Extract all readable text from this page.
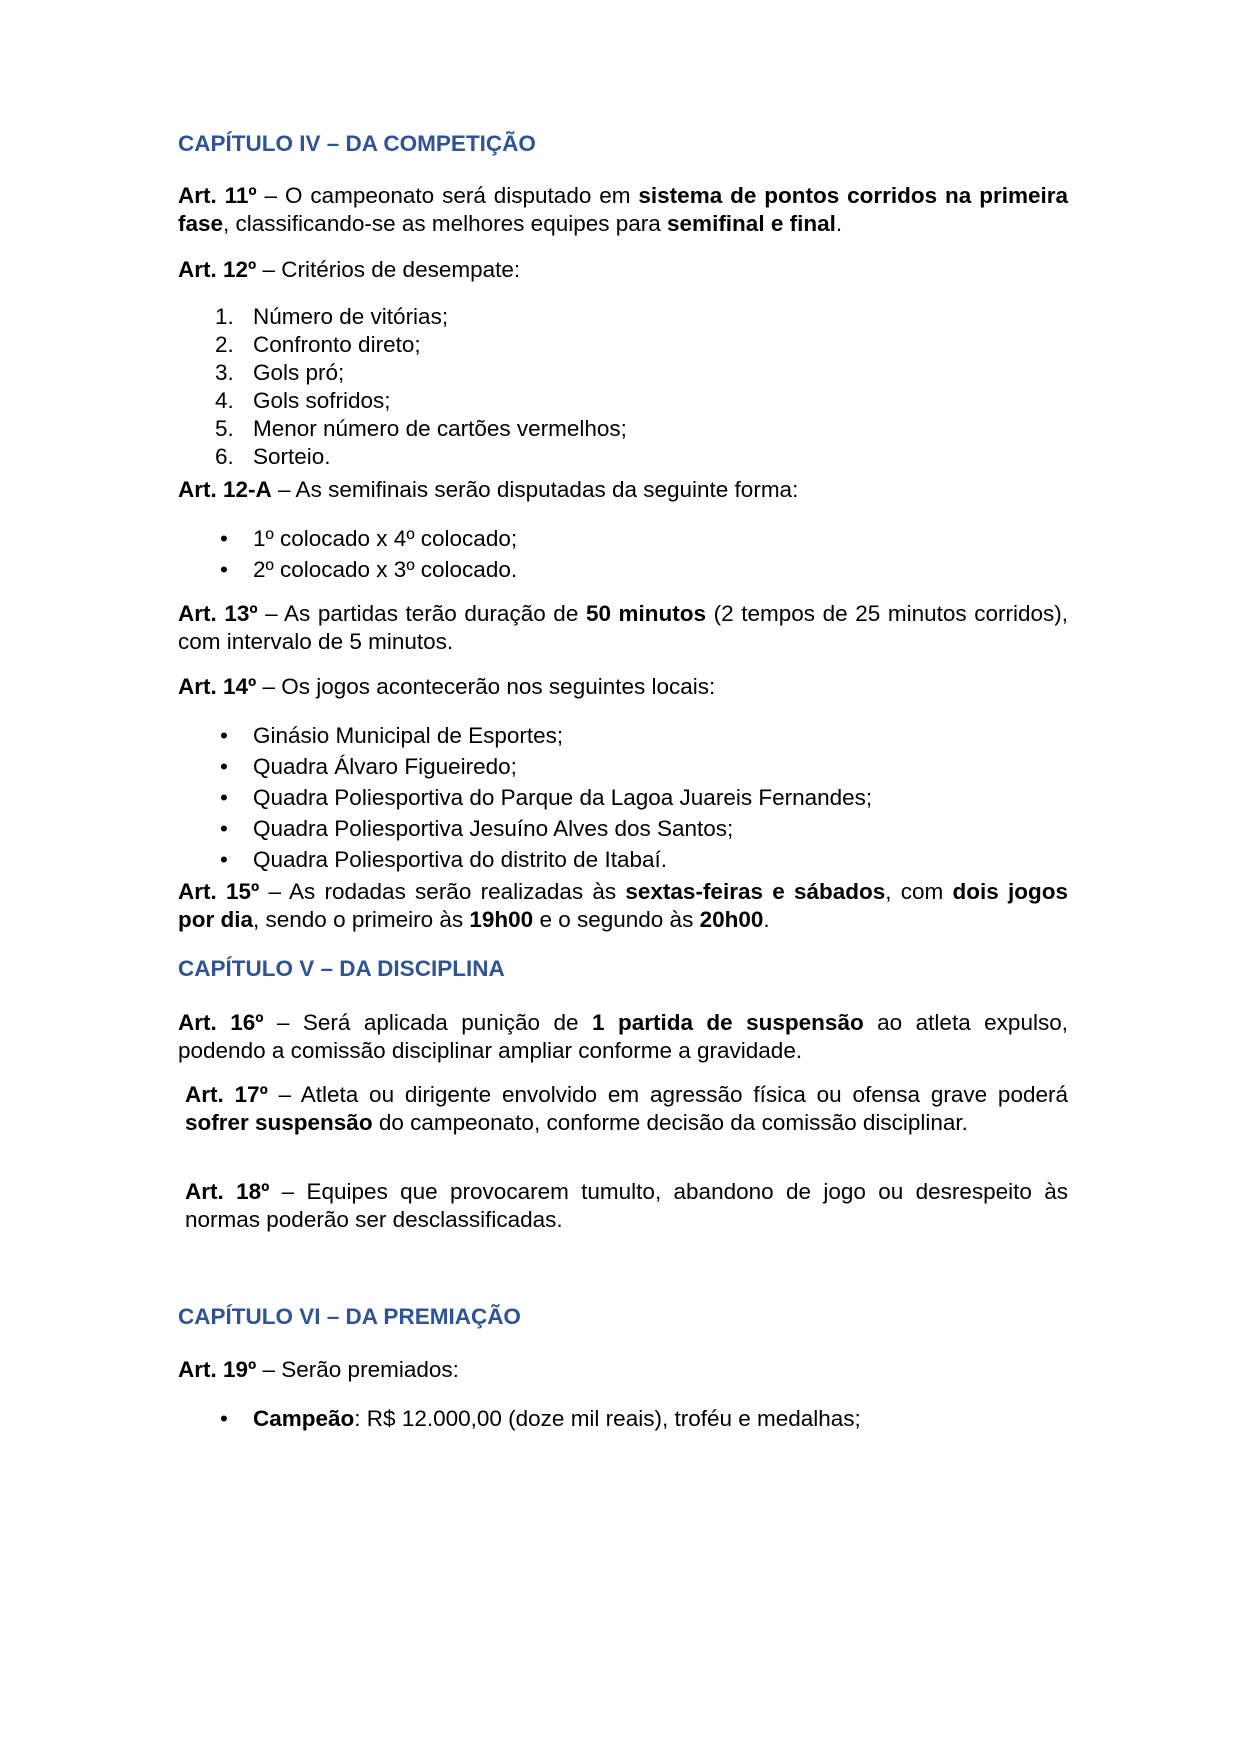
CAPÍTULO IV – DA COMPETIÇÃO
Art. 11º – O campeonato será disputado em sistema de pontos corridos na primeira fase, classificando-se as melhores equipes para semifinal e final.
Art. 12º – Critérios de desempate:
1. Número de vitórias;
2. Confronto direto;
3. Gols pró;
4. Gols sofridos;
5. Menor número de cartões vermelhos;
6. Sorteio.
Art. 12-A – As semifinais serão disputadas da seguinte forma:
• 1º colocado x 4º colocado;
• 2º colocado x 3º colocado.
Art. 13º – As partidas terão duração de 50 minutos (2 tempos de 25 minutos corridos), com intervalo de 5 minutos.
Art. 14º – Os jogos acontecerão nos seguintes locais:
• Ginásio Municipal de Esportes;
• Quadra Álvaro Figueiredo;
• Quadra Poliesportiva do Parque da Lagoa Juareis Fernandes;
• Quadra Poliesportiva Jesuíno Alves dos Santos;
• Quadra Poliesportiva do distrito de Itabaí.
Art. 15º – As rodadas serão realizadas às sextas-feiras e sábados, com dois jogos por dia, sendo o primeiro às 19h00 e o segundo às 20h00.
CAPÍTULO V – DA DISCIPLINA
Art. 16º – Será aplicada punição de 1 partida de suspensão ao atleta expulso, podendo a comissão disciplinar ampliar conforme a gravidade.
Art. 17º – Atleta ou dirigente envolvido em agressão física ou ofensa grave poderá sofrer suspensão do campeonato, conforme decisão da comissão disciplinar.
Art. 18º – Equipes que provocarem tumulto, abandono de jogo ou desrespeito às normas poderão ser desclassificadas.
CAPÍTULO VI – DA PREMIAÇÃO
Art. 19º – Serão premiados:
• Campeão: R$ 12.000,00 (doze mil reais), troféu e medalhas;
